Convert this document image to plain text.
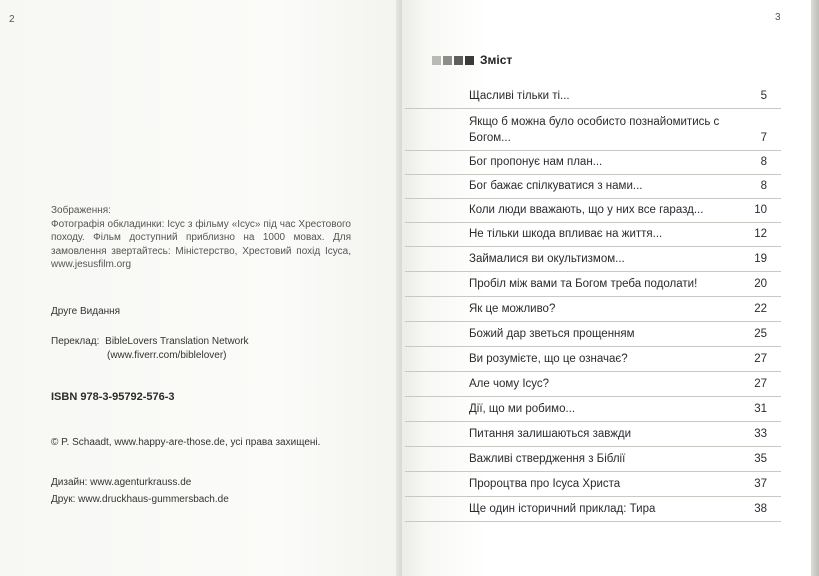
2
Зображення:
Фотографія обкладинки: Ісус з фільму «Ісус» під час Хрестового походу. Фільм доступний приблизно на 1000 мовах. Для замовлення звертайтесь: Міністерство, Хрестовий похід Ісуса, www.jesusfilm.org
Друге Видання
Переклад: BibleLovers Translation Network
(www.fiverr.com/biblelover)
ISBN 978-3-95792-576-3
© P. Schaadt, www.happy-are-those.de, усі права захищені.
Дизайн: www.agenturkrauss.de
Друк: www.druckhaus-gummersbach.de
3
Зміст
Щасливі тільки ті...	5
Якщо б можна було особисто познайомитись с Богом...	7
Бог пропонує нам план...	8
Бог бажає спілкуватися з нами...	8
Коли люди вважають, що у них все гаразд...	10
Не тільки шкода впливає на життя...	12
Займалися ви окультизмом...	19
Пробіл між вами та Богом треба подолати!	20
Як це можливо?	22
Божий дар зветься прощенням	25
Ви розумієте, що це означає?	27
Але чому Ісус?	27
Дії, що ми робимо...	31
Питання залишаються завжди	33
Важливі ствердження з Біблії	35
Пророцтва про Ісуса Христа	37
Ще один історичний приклад: Тира	38
